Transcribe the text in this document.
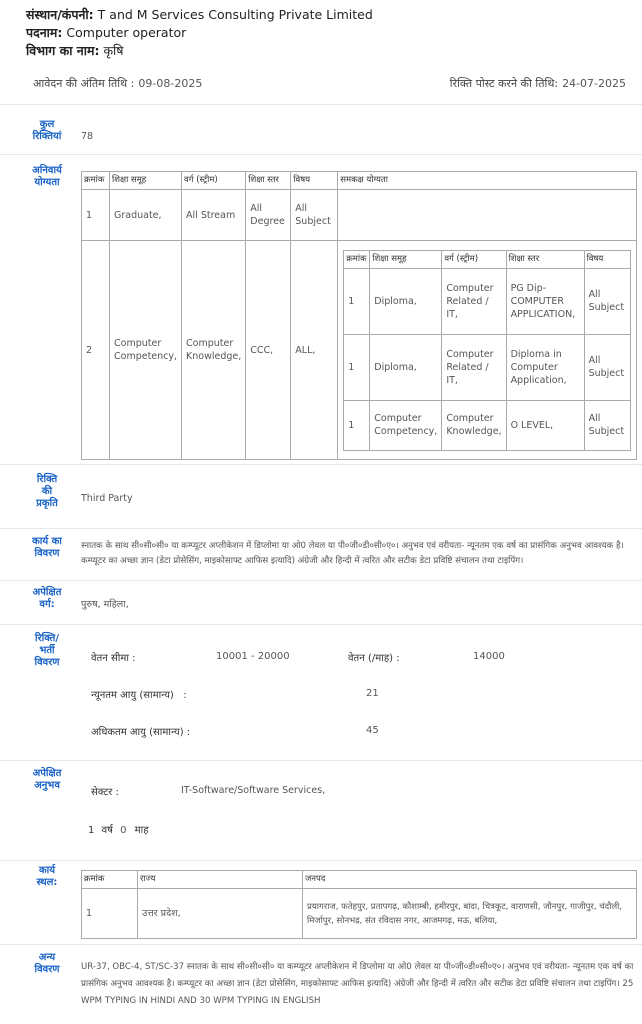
संस्थान/कंपनी: T and M Services Consulting Private Limited
पदनाम: Computer operator
विभाग का नाम: कृषि
आवेदन की अंतिम तिथि : 09-08-2025	रिक्ति पोस्ट करने की तिथि: 24-07-2025
कुल
रिक्तियां	78
अनिवार्य
योग्यता	क्रमांक	शिक्षा समूह	वर्ग (स्ट्रीम)	शिक्षा स्तर	विषय	समकक्ष योग्यता
1	Graduate,	All Stream	All Degree	All Subject	
2	Computer Competency,	Computer Knowledge,	CCC,	ALL,	
क्रमांक	शिक्षा समूह	वर्ग (स्ट्रीम)	शिक्षा स्तर	विषय
1	Diploma,	Computer Related / IT,	PG Dip-COMPUTER APPLICATION,	All Subject
1	Diploma,	Computer Related / IT,	Diploma in Computer Application,	All Subject
1	Computer Competency,	Computer Knowledge,	O LEVEL,	All Subject
रिक्ति
की
प्रकृति	Third Party
कार्य का
विवरण
स्नातक के साथ सी०सी०सी० या कम्प्यूटर अप्लीकेशन में डिप्लोमा या ओ0 लेवल या पी०जी०डी०सी०ए०। अनुभव एवं वरीयता- न्यूनतम एक वर्ष का प्रासंगिक अनुभव आवश्यक है। कम्प्यूटर का अच्छा ज्ञान (डेटा प्रोसेसिंग, माइकोसाफ्ट आफिस इत्यादि) अंग्रेजी और हिन्दी में त्वरित और सटीक डेटा प्रविष्टि संचालन तथा टाइपिंग।
अपेक्षित
वर्ग:	पुरुष, महिला,
रिक्ति/
भर्ती
विवरण	वेतन सीमा :	10001 - 20000	वेतन (/माह) :	14000
न्यूनतम आयु (सामान्य)   :	21
अधिकतम आयु (सामान्य) :	45
अपेक्षित
अनुभव
सेक्टर :	IT-Software/Software Services,
1 वर्ष 0 माह
कार्य
स्थल:	क्रमांक	राज्य	जनपद
1	उत्तर प्रदेश,	प्रयागराज, फतेहपुर, प्रतापगढ़, कौशाम्बी, हमीरपुर, बांदा, चित्रकूट, वाराणसी, जौनपुर, गाजीपुर, चंदौली, मिर्जापुर, सोनभद्र, संत रविदास नगर, आजमगढ़, मऊ, बलिया,
अन्य
विवरण	UR-37, OBC-4, ST/SC-37 स्नातक के साथ सी०सी०सी० या कम्प्यूटर अप्लीकेशन में डिप्लोमा या ओ0 लेवल या पी०जी०डी०सी०ए०। अनुभव एवं वरीयता- न्यूनतम एक वर्ष का प्रासंगिक अनुभव आवश्यक है। कम्प्यूटर का अच्छा ज्ञान (डेटा प्रोसेसिंग, माइकोसाफ्ट आफिस इत्यादि) अंग्रेजी और हिन्दी में त्वरित और सटीक डेटा प्रविष्टि संचालन तथा टाइपिंग। 25 WPM TYPING IN HINDI AND 30 WPM TYPING IN ENGLISH
